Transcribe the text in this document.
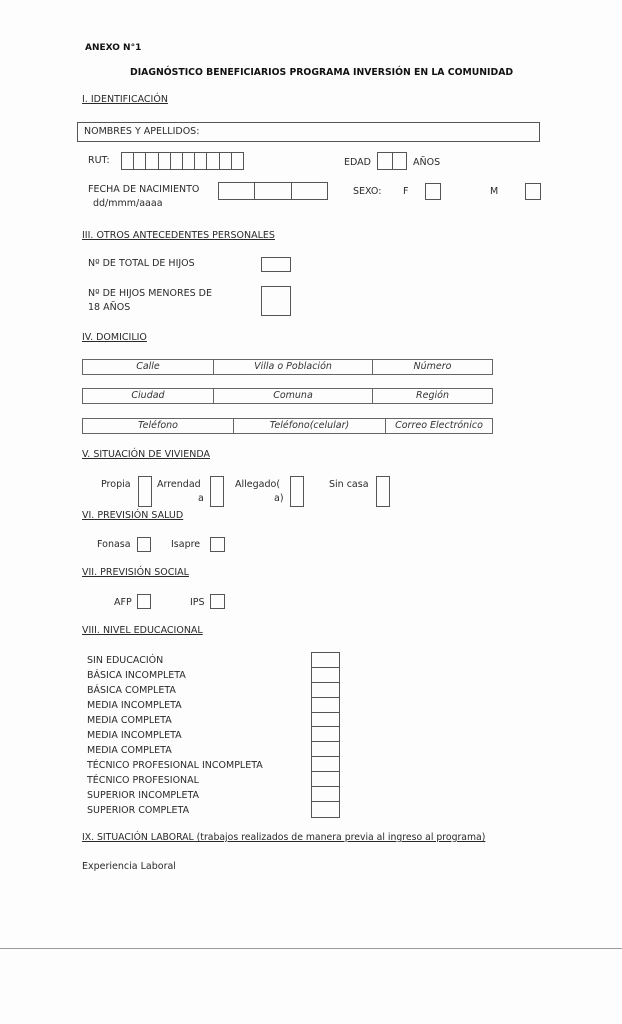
ANEXO N°1
DIAGNÓSTICO BENEFICIARIOS PROGRAMA INVERSIÓN EN LA COMUNIDAD
I. IDENTIFICACIÓN
NOMBRES Y APELLIDOS:
RUT:	EDAD	AÑOS
FECHA DE NACIMIENTO
dd/mmm/aaaa
SEXO: F	M
III. OTROS ANTECEDENTES PERSONALES
Nº DE TOTAL DE HIJOS
Nº DE HIJOS MENORES DE
18 AÑOS
IV. DOMICILIO
Calle	Villa o Población	Número
Ciudad	Comuna	Región
Teléfono	Teléfono(celular)	Correo Electrónico
V. SITUACIÓN DE VIVIENDA
Propia	Arrendad
a
Allegado(
a)
Sin casa
VI. PREVISIÓN SALUD
Fonasa	Isapre
VII. PREVISIÓN SOCIAL
AFP	IPS
VIII. NIVEL EDUCACIONAL
SIN EDUCACIÓN
BÁSICA INCOMPLETA
BÁSICA COMPLETA
MEDIA INCOMPLETA
MEDIA COMPLETA
MEDIA INCOMPLETA
MEDIA COMPLETA
TÉCNICO PROFESIONAL INCOMPLETA
TÉCNICO PROFESIONAL
SUPERIOR INCOMPLETA
SUPERIOR COMPLETA
IX. SITUACIÓN LABORAL (trabajos realizados de manera previa al ingreso al programa)
Experiencia Laboral
